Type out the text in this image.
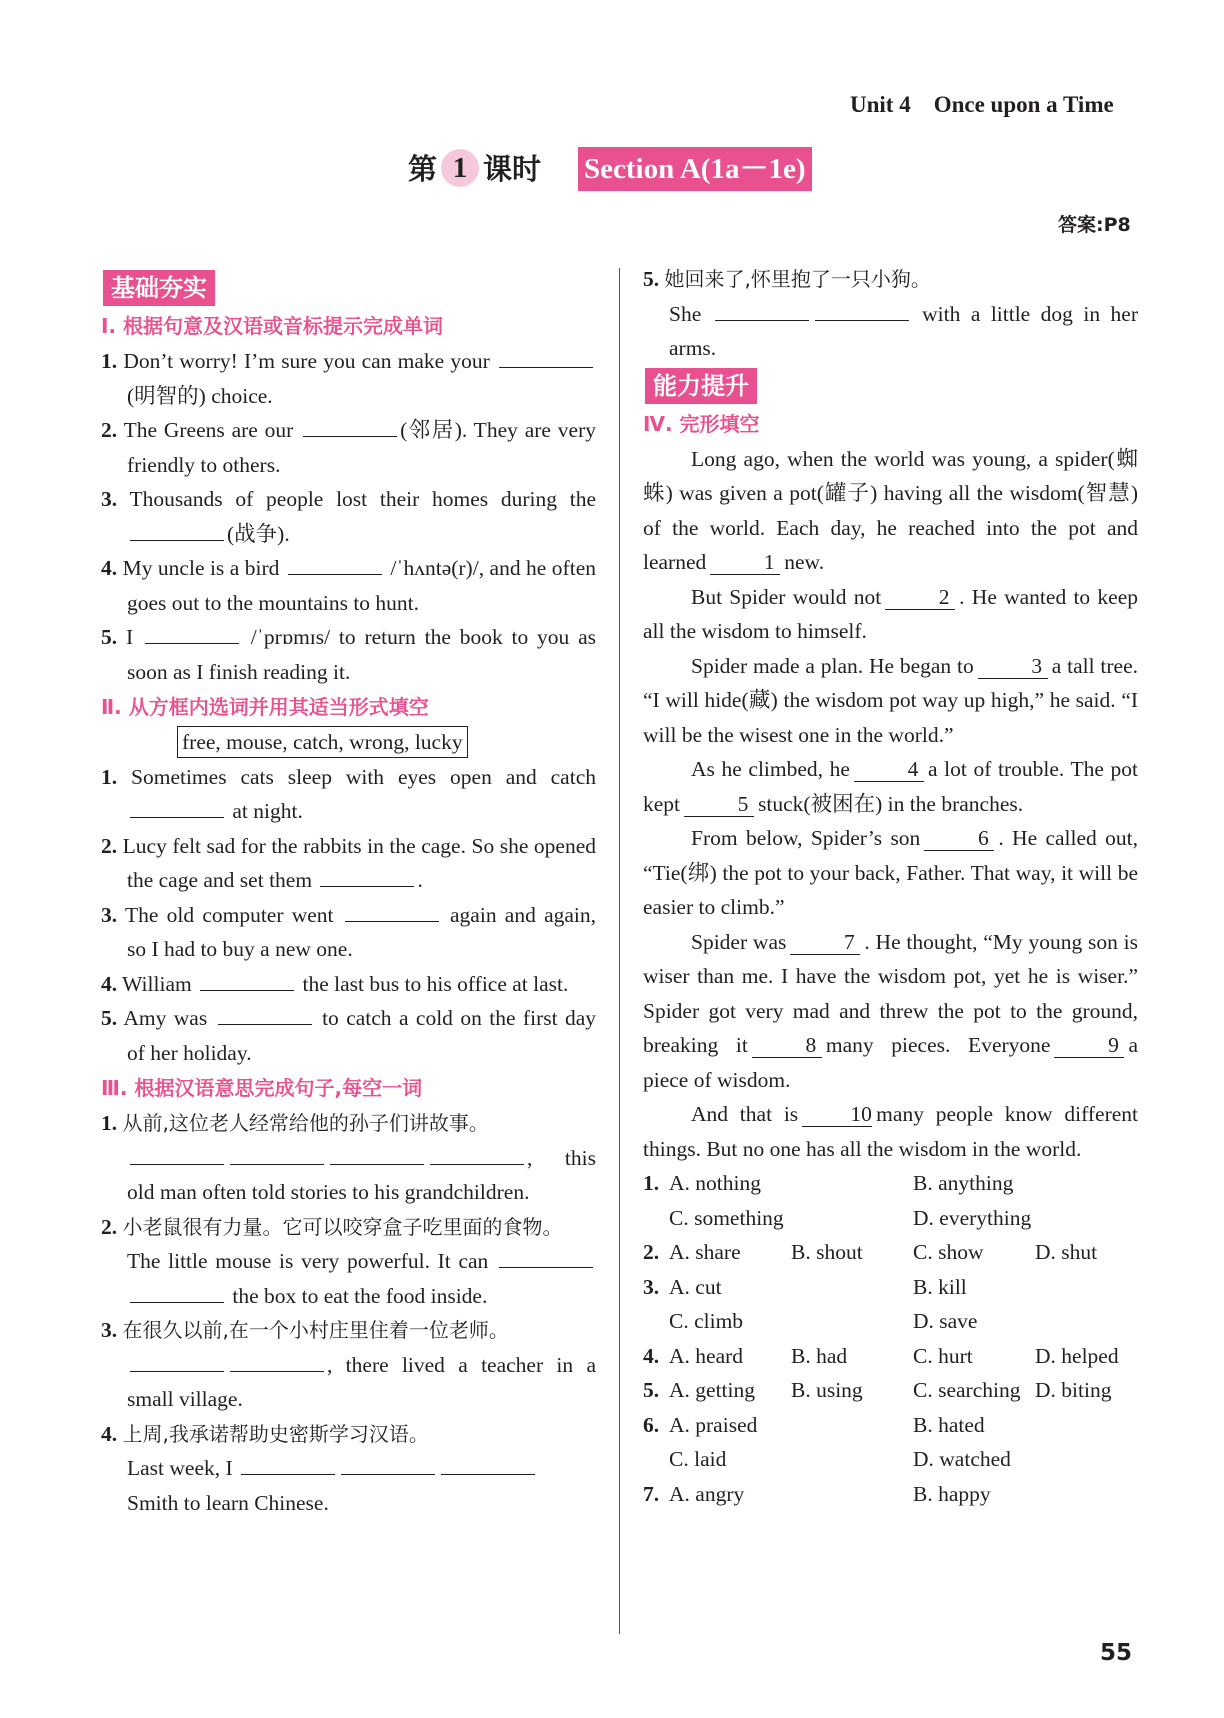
Unit 4    Once upon a Time
第 1 课时 Section A(1a－1e)
答案:P8
基础夯实
Ⅰ. 根据句意及汉语或音标提示完成单词

1. Don’t worry! I’m sure you can make your (明智的) choice.

2. The Greens are our	(邻居). They are very friendly to others.

3. Thousands of people lost their homes during the (战争).

4. My uncle is a bird	/ˈhʌntə(r)/, and he often goes out to the mountains to hunt.

5. I	/ˈprɒmɪs/ to return the book to you as soon as I finish reading it.

Ⅱ. 从方框内选词并用其适当形式填空
free, mouse, catch, wrong, lucky

1. Sometimes cats sleep with eyes open and catch  at night.

2. Lucy felt sad for the rabbits in the cage. So she opened the cage and set them	.

3. The old computer went	again and again, so I had to buy a new one.

4. William	the last bus to his office at last.

5. Amy was	to catch a cold on the first day of her holiday.

Ⅲ. 根据汉语意思完成句子,每空一词

1. 从前,这位老人经常给他的孙子们讲故事。
, this old man often told stories to his grandchildren.

2. 小老鼠很有力量。它可以咬穿盒子吃里面的食物。
The little mouse is very powerful. It can  the box to eat the food inside.

3. 在很久以前,在一个小村庄里住着一位老师。
, there lived a teacher in a small village.

4. 上周,我承诺帮助史密斯学习汉语。
Last week, I
Smith to learn Chinese.

5. 她回来了,怀里抱了一只小狗。
She	with a little dog in her arms.

能力提升
Ⅳ. 完形填空

Long ago, when the world was young, a spider(蜘蛛) was given a pot(罐子) having all the wisdom(智慧) of the world. Each day, he reached into the pot and learned	1 new.

But Spider would not	2 . He wanted to keep all the wisdom to himself.

Spider made a plan. He began to	3 a tall tree. “I will hide(藏) the wisdom pot way up high,” he said. “I will be the wisest one in the world.”

As he climbed, he	4 a lot of trouble. The pot kept	5 stuck(被困在) in the branches.

From below, Spider’s son	6 . He called out, “Tie(绑) the pot to your back, Father. That way, it will be easier to climb.”

Spider was	7 . He thought, “My young son is wiser than me. I have the wisdom pot, yet he is wiser.” Spider got very mad and threw the pot to the ground, breaking it	8 many pieces. Everyone	9 a piece of wisdom.

And that is 10 many people know different things. But no one has all the wisdom in the world.

1. A. nothing	B. anything
C. something	D. everything
2. A. share	B. shout	C. show	D. shut
3. A. cut	B. kill
C. climb	D. save
4. A. heard	B. had	C. hurt	D. helped
5. A. getting	B. using	C. searching D. biting
6. A. praised	B. hated
C. laid	D. watched
7. A. angry	B. happy
55
